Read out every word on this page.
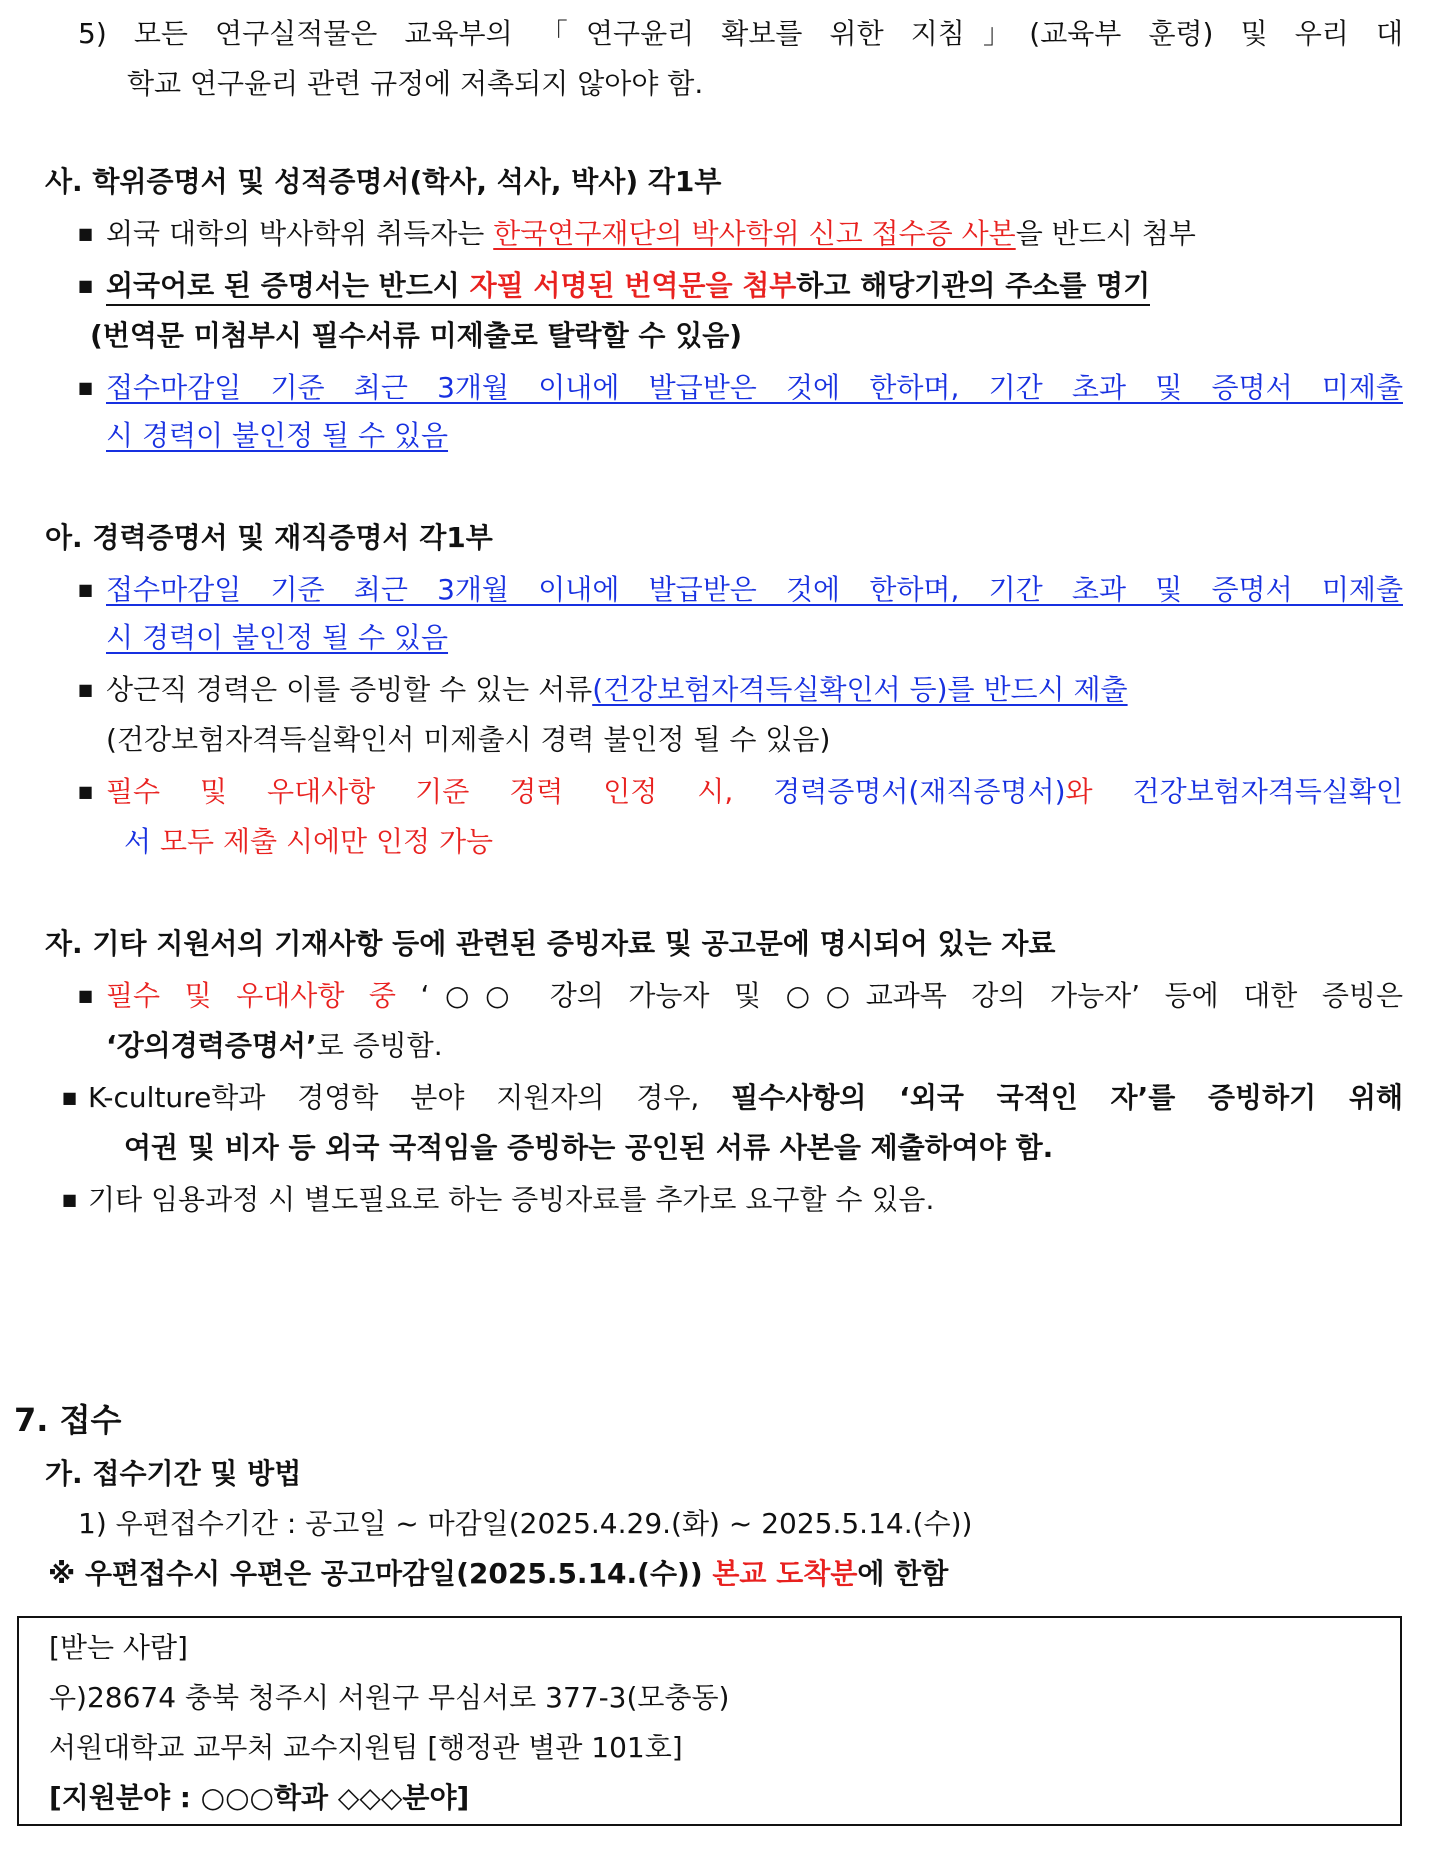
5) 모든 연구실적물은 교육부의 「연구윤리 확보를 위한 지침」(교육부 훈령) 및 우리 대
학교 연구윤리 관련 규정에 저촉되지 않아야 함.
사. 학위증명서 및 성적증명서(학사, 석사, 박사) 각1부
■ 외국 대학의 박사학위 취득자는 한국연구재단의 박사학위 신고 접수증 사본을 반드시 첨부
■ 외국어로 된 증명서는 반드시 자필 서명된 번역문을 첨부하고 해당기관의 주소를 명기
(번역문 미첨부시 필수서류 미제출로 탈락할 수 있음)
■ 접수마감일 기준 최근 3개월 이내에 발급받은 것에 한하며, 기간 초과 및 증명서 미제출
시 경력이 불인정 될 수 있음
아. 경력증명서 및 재직증명서 각1부
■ 접수마감일 기준 최근 3개월 이내에 발급받은 것에 한하며, 기간 초과 및 증명서 미제출
시 경력이 불인정 될 수 있음
■ 상근직 경력은 이를 증빙할 수 있는 서류(건강보험자격득실확인서 등)를 반드시 제출
(건강보험자격득실확인서 미제출시 경력 불인정 될 수 있음)
■ 필수 및 우대사항 기준 경력 인정 시, 경력증명서(재직증명서)와 건강보험자격득실확인
서 모두 제출 시에만 인정 가능
자. 기타 지원서의 기재사항 등에 관련된 증빙자료 및 공고문에 명시되어 있는 자료
■ 필수 및 우대사항 중 ‘○○ 강의 가능자 및 ○○교과목 강의 가능자’ 등에 대한 증빙은
‘강의경력증명서’로 증빙함.
■ K-culture학과 경영학 분야 지원자의 경우, 필수사항의 ‘외국 국적인 자’를 증빙하기 위해
여권 및 비자 등 외국 국적임을 증빙하는 공인된 서류 사본을 제출하여야 함.
■ 기타 임용과정 시 별도필요로 하는 증빙자료를 추가로 요구할 수 있음.
7. 접수
가. 접수기간 및 방법
1) 우편접수기간 : 공고일 ~ 마감일(2025.4.29.(화) ~ 2025.5.14.(수))
※ 우편접수시 우편은 공고마감일(2025.5.14.(수)) 본교 도착분에 한함
[받는 사람]
우)28674 충북 청주시 서원구 무심서로 377-3(모충동)
서원대학교 교무처 교수지원팀 [행정관 별관 101호]
[지원분야 : ○○○학과 ◇◇◇분야]
